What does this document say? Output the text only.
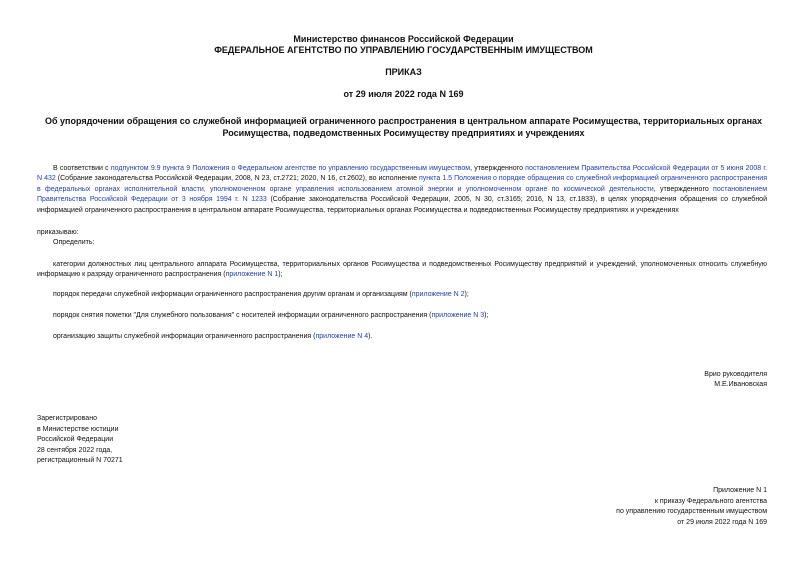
Министерство финансов Российской Федерации
ФЕДЕРАЛЬНОЕ АГЕНТСТВО ПО УПРАВЛЕНИЮ ГОСУДАРСТВЕННЫМ ИМУЩЕСТВОМ
ПРИКАЗ
от 29 июля 2022 года N 169
Об упорядочении обращения со служебной информацией ограниченного распространения в центральном аппарате Росимущества, территориальных органах
Росимущества, подведомственных Росимуществу предприятиях и учреждениях
В соответствии с подпунктом 9.9 пункта 9 Положения о Федеральном агентстве по управлению государственным имуществом, утвержденного постановлением Правительства Российской Федерации от 5 июня 2008 г. N 432 (Собрание законодательства Российской Федерации, 2008, N 23, ст.2721; 2020, N 16, ст.2602), во исполнение пункта 1.5 Положения о порядке обращения со служебной информацией ограниченного распространения в федеральных органах исполнительной власти, уполномоченном органе управления использованием атомной энергии и уполномоченном органе по космической деятельности, утвержденного постановлением Правительства Российской Федерации от 3 ноября 1994 г. N 1233 (Собрание законодательства Российской Федерации, 2005, N 30, ст.3165; 2016, N 13, ст.1833), в целях упорядочения обращения со служебной информацией ограниченного распространения в центральном аппарате Росимущества, территориальных органах Росимущества и подведомственных Росимуществу предприятиях и учреждениях
приказываю:
Определить:
категории должностных лиц центрального аппарата Росимущества, территориальных органов Росимущества и подведомственных Росимуществу предприятий и учреждений, уполномоченных относить служебную информацию к разряду ограниченного распространения (приложение N 1);
порядок передачи служебной информации ограниченного распространения другим органам и организациям (приложение N 2);
порядок снятия пометки "Для служебного пользования" с носителей информации ограниченного распространения (приложение N 3);
организацию защиты служебной информации ограниченного распространения (приложение N 4).
Врио руководителя
М.Е.Ивановская
Зарегистрировано
в Министерстве юстиции
Российской Федерации
28 сентября 2022 года,
регистрационный N 70271
Приложение N 1
к приказу Федерального агентства
по управлению государственным имуществом
от 29 июля 2022 года N 169
